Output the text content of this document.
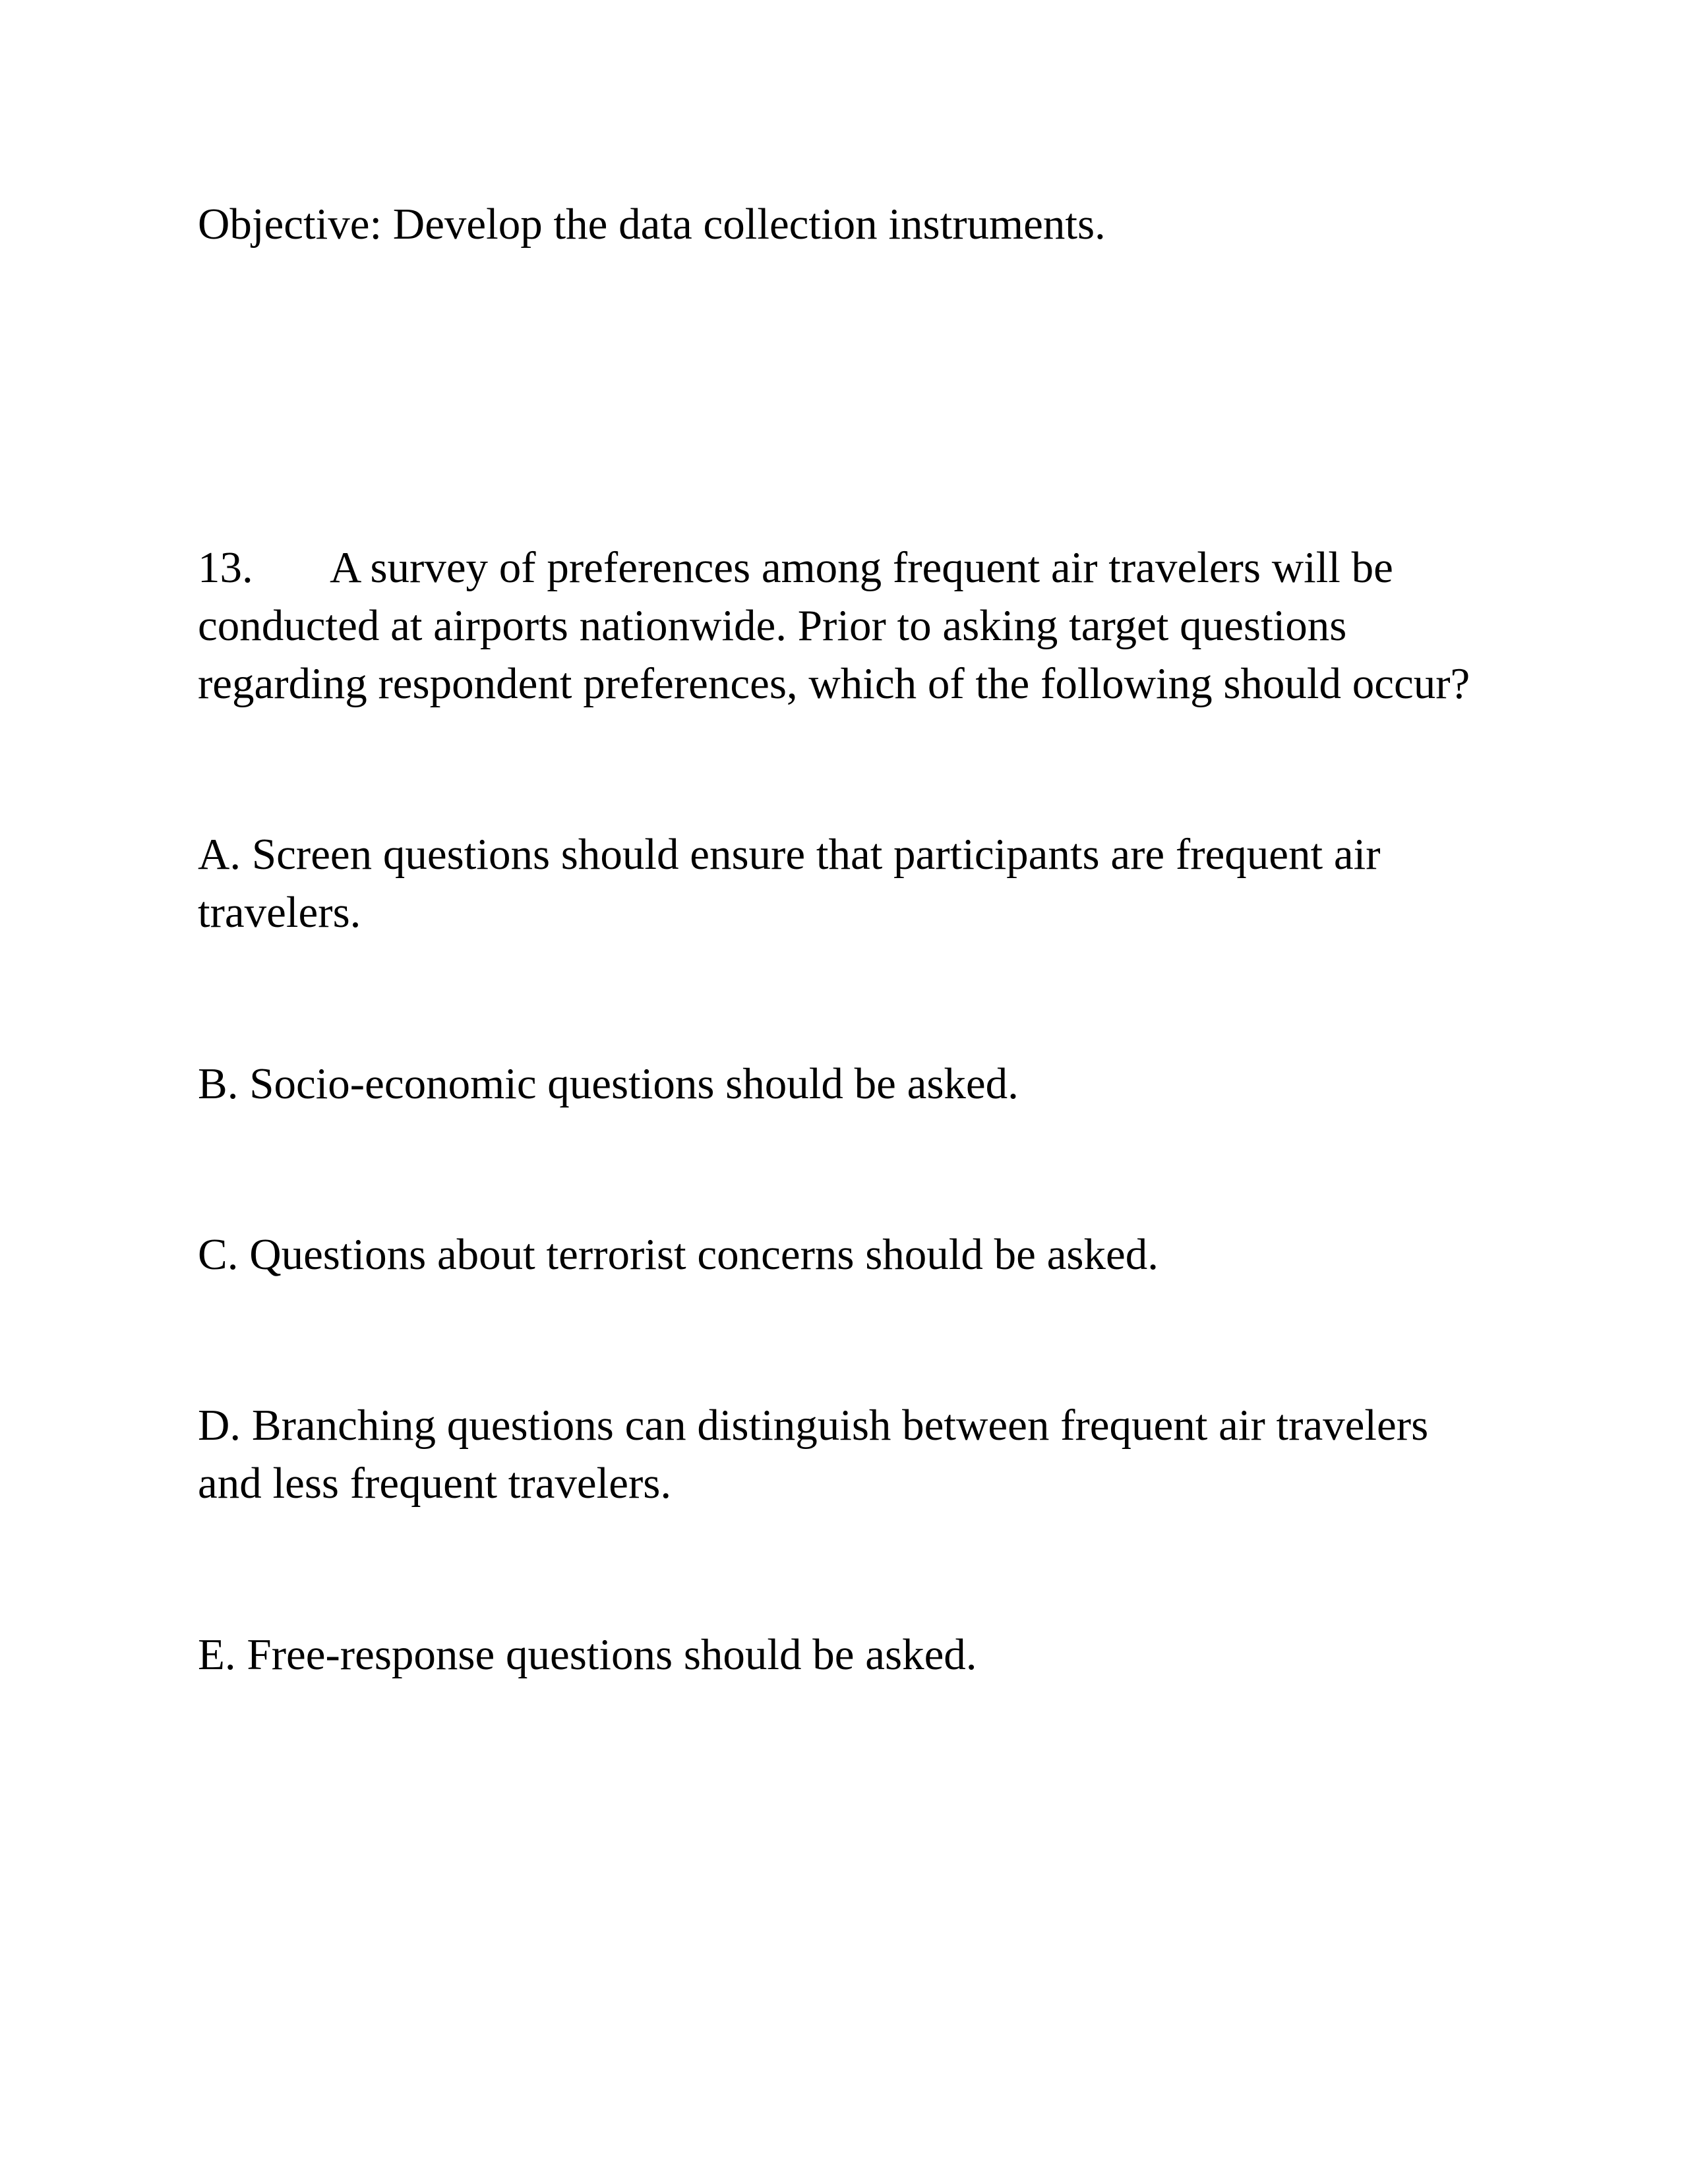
Objective: Develop the data collection instruments.

13. A survey of preferences among frequent air travelers will be

conducted at airports nationwide. Prior to asking target questions

regarding respondent preferences, which of the following should occur?

A. Screen questions should ensure that participants are frequent air

travelers.

B. Socio-economic questions should be asked.

C. Questions about terrorist concerns should be asked.

D. Branching questions can distinguish between frequent air travelers

and less frequent travelers.

E. Free-response questions should be asked.
